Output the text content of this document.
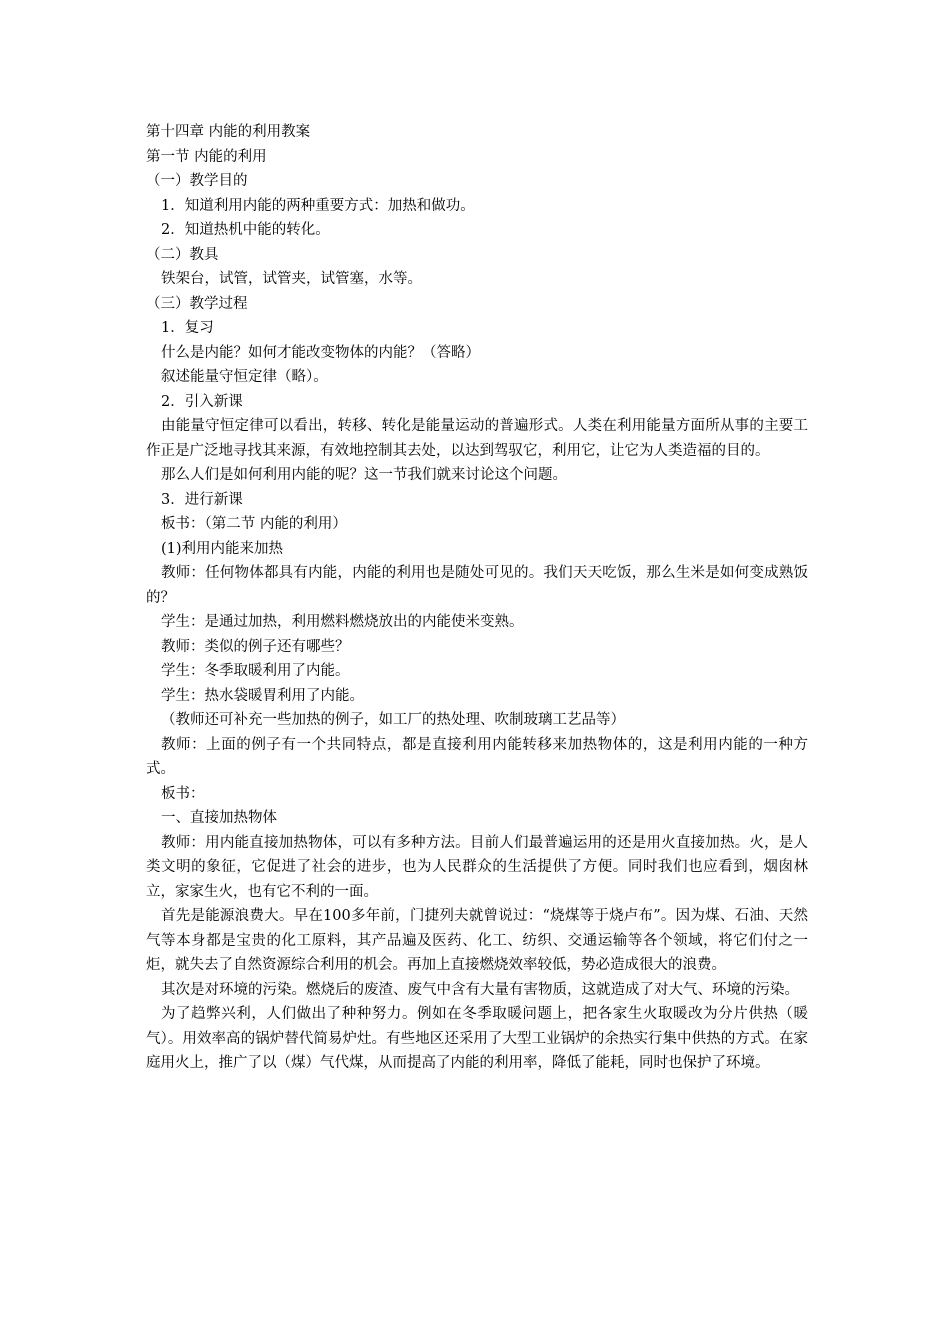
第十四章 内能的利用教案

第一节 内能的利用

（一）教学目的

1．知道利用内能的两种重要方式：加热和做功。

2．知道热机中能的转化。

（二）教具

铁架台，试管，试管夹，试管塞，水等。

（三）教学过程

1．复习

什么是内能？如何才能改变物体的内能？（答略）

叙述能量守恒定律（略）。

2．引入新课

由能量守恒定律可以看出，转移、转化是能量运动的普遍形式。人类在利用能量方面所从事的主要工作正是广泛地寻找其来源，有效地控制其去处，以达到驾驭它，利用它，让它为人类造福的目的。

那么人们是如何利用内能的呢？这一节我们就来讨论这个问题。

3．进行新课

板书：（第二节 内能的利用）

(1)利用内能来加热

教师：任何物体都具有内能，内能的利用也是随处可见的。我们天天吃饭，那么生米是如何变成熟饭的？

学生：是通过加热，利用燃料燃烧放出的内能使米变熟。

教师：类似的例子还有哪些？

学生：冬季取暖利用了内能。

学生：热水袋暖胃利用了内能。

（教师还可补充一些加热的例子，如工厂的热处理、吹制玻璃工艺品等）

教师：上面的例子有一个共同特点，都是直接利用内能转移来加热物体的，这是利用内能的一种方式。

板书：

一、直接加热物体

教师：用内能直接加热物体，可以有多种方法。目前人们最普遍运用的还是用火直接加热。火，是人类文明的象征，它促进了社会的进步，也为人民群众的生活提供了方便。同时我们也应看到，烟囱林立，家家生火，也有它不利的一面。

首先是能源浪费大。早在100多年前，门捷列夫就曾说过：“烧煤等于烧卢布”。因为煤、石油、天然气等本身都是宝贵的化工原料，其产品遍及医药、化工、纺织、交通运输等各个领域，将它们付之一炬，就失去了自然资源综合利用的机会。再加上直接燃烧效率较低，势必造成很大的浪费。

其次是对环境的污染。燃烧后的废渣、废气中含有大量有害物质，这就造成了对大气、环境的污染。

为了趋弊兴利，人们做出了种种努力。例如在冬季取暖问题上，把各家生火取暖改为分片供热（暖气）。用效率高的锅炉替代简易炉灶。有些地区还采用了大型工业锅炉的余热实行集中供热的方式。在家庭用火上，推广了以（煤）气代煤，从而提高了内能的利用率，降低了能耗，同时也保护了环境。
